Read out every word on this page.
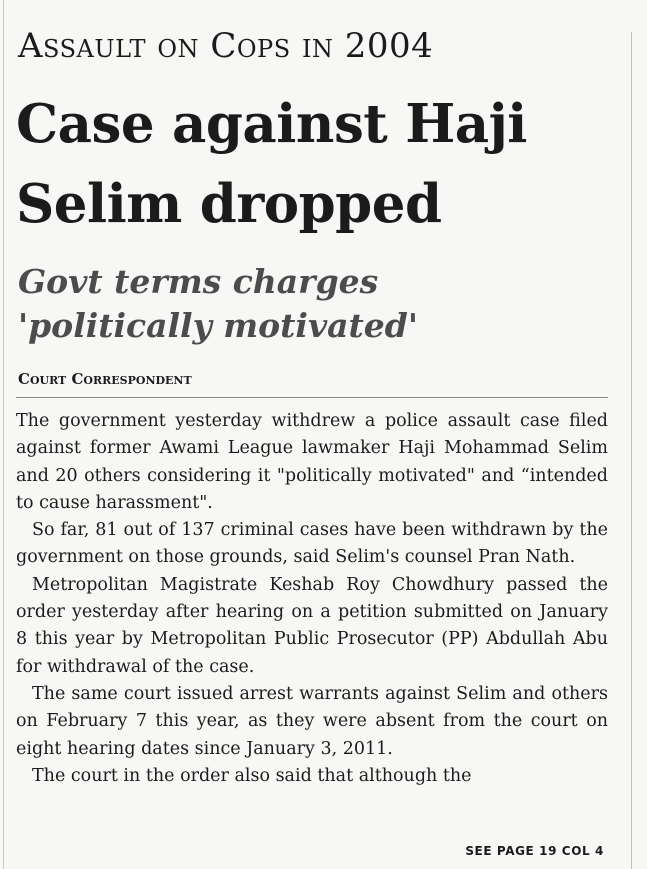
Assault on Cops in 2004
Case against Haji
Selim dropped
Govt terms charges
'politically motivated'

Court Correspondent

The government yesterday withdrew a police assault case filed against former Awami League lawmaker Haji Mohammad Selim and 20 others considering it "politically motivated" and “intended to cause harassment".

So far, 81 out of 137 criminal cases have been withdrawn by the government on those grounds, said Selim's counsel Pran Nath.

Metropolitan Magistrate Keshab Roy Chowdhury passed the order yesterday after hearing on a petition submitted on January 8 this year by Metropolitan Public Prosecutor (PP) Abdullah Abu for withdrawal of the case.

The same court issued arrest warrants against Selim and others on February 7 this year, as they were absent from the court on eight hearing dates since January 3, 2011.

The court in the order also said that although the

SEE PAGE 19 COL 4
